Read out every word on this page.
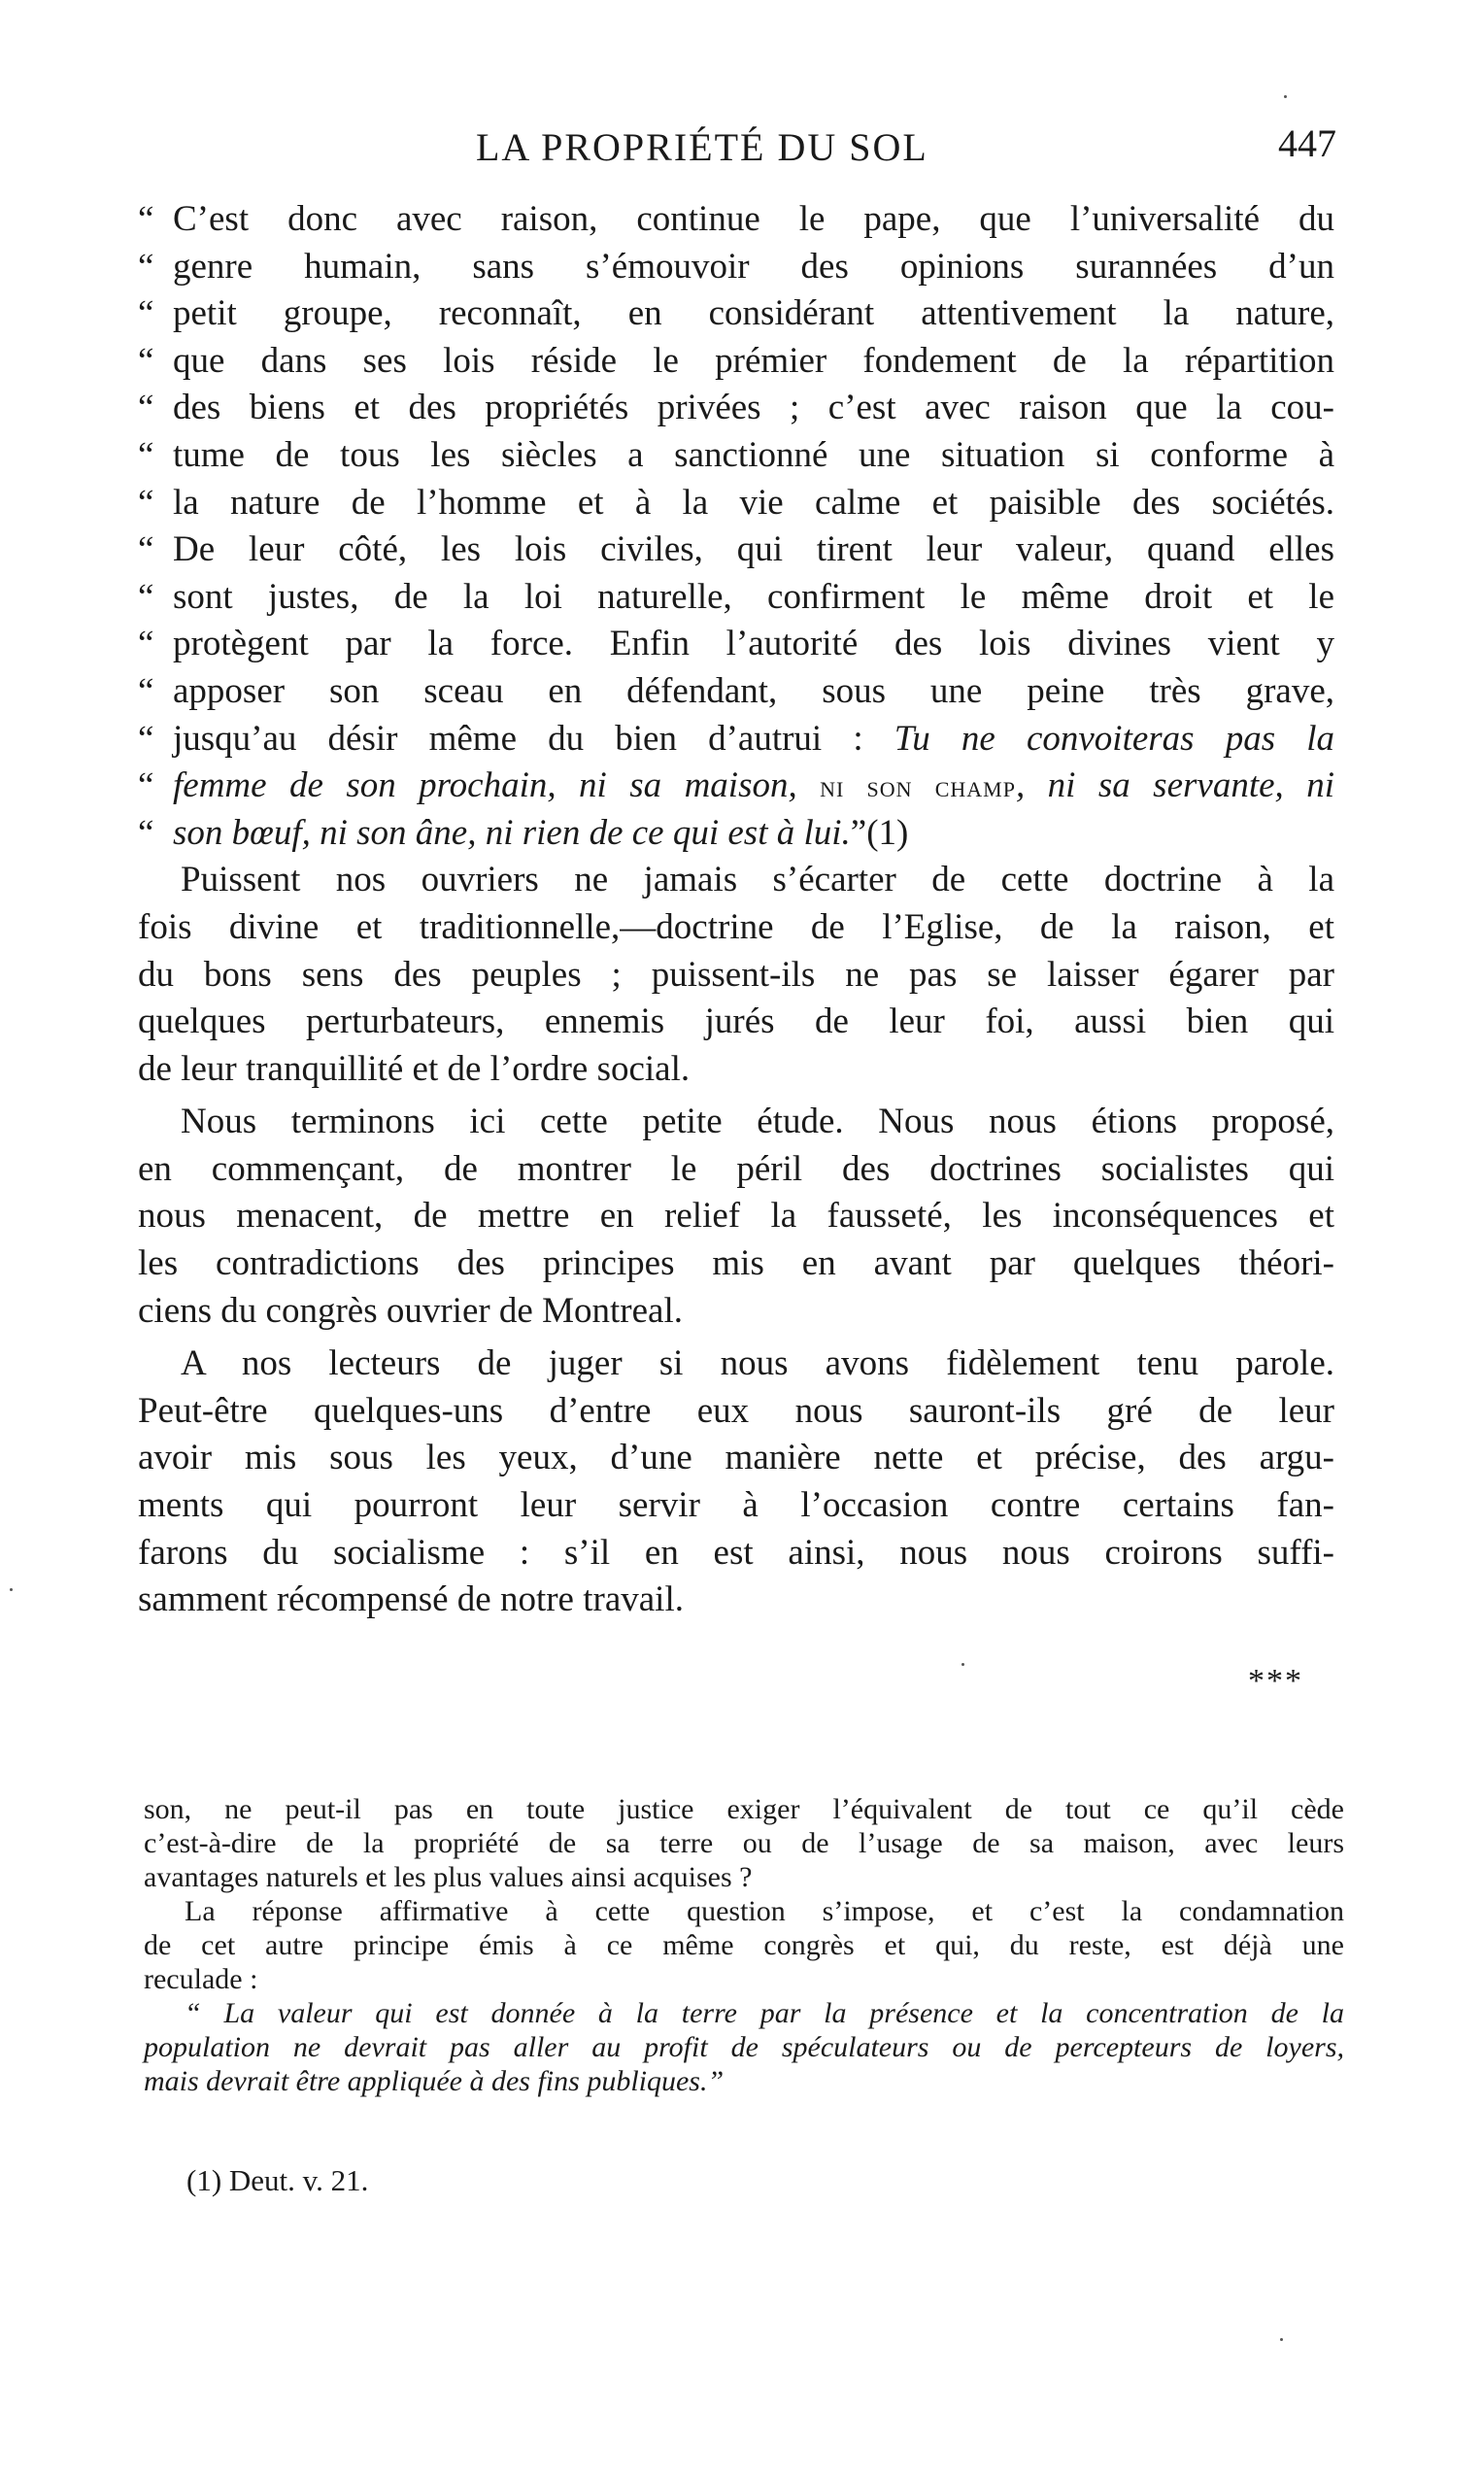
LA PROPRIÉTÉ DU SOL	447
“ C’est donc avec raison, continue le pape, que l’universalité du
“ genre humain, sans s’émouvoir des opinions surannées d’un
“ petit groupe, reconnaît, en considérant attentivement la nature,
“ que dans ses lois réside le prémier fondement de la répartition
“ des biens et des propriétés privées ; c’est avec raison que la cou-
“ tume de tous les siècles a sanctionné une situation si conforme à
“ la nature de l’homme et à la vie calme et paisible des sociétés.
“ De leur côté, les lois civiles, qui tirent leur valeur, quand elles
“ sont justes, de la loi naturelle, confirment le même droit et le
“ protègent par la force. Enfin l’autorité des lois divines vient y
“ apposer son sceau en défendant, sous une peine très grave,
“ jusqu’au désir même du bien d’autrui : Tu ne convoiteras pas la
“ femme de son prochain, ni sa maison, ni son champ, ni sa servante, ni
“ son bœuf, ni son âne, ni rien de ce qui est à lui.”(1)
Puissent nos ouvriers ne jamais s’écarter de cette doctrine à la
fois divine et traditionnelle,—doctrine de l’Eglise, de la raison, et
du bons sens des peuples ; puissent-ils ne pas se laisser égarer par
quelques perturbateurs, ennemis jurés de leur foi, aussi bien qui
de leur tranquillité et de l’ordre social.
Nous terminons ici cette petite étude. Nous nous étions proposé,
en commençant, de montrer le péril des doctrines socialistes qui
nous menacent, de mettre en relief la fausseté, les inconséquences et
les contradictions des principes mis en avant par quelques théori-
ciens du congrès ouvrier de Montreal.
A nos lecteurs de juger si nous avons fidèlement tenu parole.
Peut-être quelques-uns d’entre eux nous sauront-ils gré de leur
avoir mis sous les yeux, d’une manière nette et précise, des argu-
ments qui pourront leur servir à l’occasion contre certains fan-
farons du socialisme : s’il en est ainsi, nous nous croirons suffi-
samment récompensé de notre travail.
***
son, ne peut-il pas en toute justice exiger l’équivalent de tout ce qu’il cède
c’est-à-dire de la propriété de sa terre ou de l’usage de sa maison, avec leurs
avantages naturels et les plus values ainsi acquises ?
La réponse affirmative à cette question s’impose, et c’est la condamnation
de cet autre principe émis à ce même congrès et qui, du reste, est déjà une
reculade :
“ La valeur qui est donnée à la terre par la présence et la concentration de la
population ne devrait pas aller au profit de spéculateurs ou de percepteurs de loyers,
mais devrait être appliquée à des fins publiques.”
(1) Deut. v. 21.
